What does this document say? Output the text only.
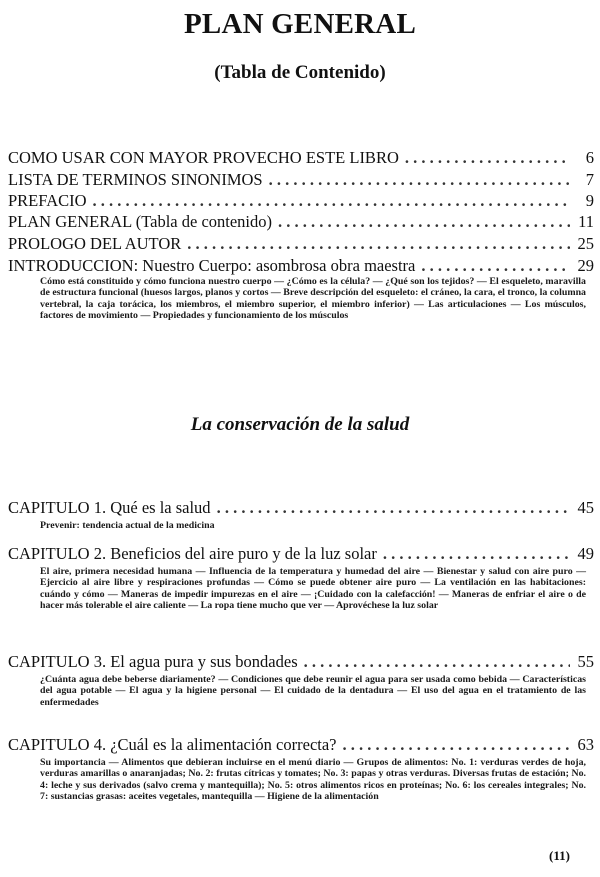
PLAN GENERAL
(Tabla de Contenido)
COMO USAR CON MAYOR PROVECHO ESTE LIBRO . . .	6
LISTA DE TERMINOS SINONIMOS . . .	7
PREFACIO . . .	9
PLAN GENERAL (Tabla de contenido) . . .	11
PROLOGO DEL AUTOR . . .	25
INTRODUCCION: Nuestro Cuerpo: asombrosa obra maestra . . .	29
Cómo está constituido y cómo funciona nuestro cuerpo — ¿Cómo es la célula? — ¿Qué son los tejidos? — El esqueleto, maravilla de estructura funcional (huesos largos, planos y cortos — Breve descripción del esqueleto: el cráneo, la cara, el tronco, la columna vertebral, la caja torácica, los miembros, el miembro superior, el miembro inferior) — Las articulaciones — Los músculos, factores de movimiento — Propiedades y funcionamiento de los músculos
La conservación de la salud
CAPITULO 1. Qué es la salud . . .	45
Prevenir: tendencia actual de la medicina
CAPITULO 2. Beneficios del aire puro y de la luz solar . . .	49
El aire, primera necesidad humana — Influencia de la temperatura y humedad del aire — Bienestar y salud con aire puro — Ejercicio al aire libre y respiraciones profundas — Cómo se puede obtener aire puro — La ventilación en las habitaciones: cuándo y cómo — Maneras de impedir impurezas en el aire — ¡Cuidado con la calefacción! — Maneras de enfriar el aire o de hacer más tolerable el aire caliente — La ropa tiene mucho que ver — Aprovéchese la luz solar
CAPITULO 3. El agua pura y sus bondades . . .	55
¿Cuánta agua debe beberse diariamente? — Condiciones que debe reunir el agua para ser usada como bebida — Características del agua potable — El agua y la higiene personal — El cuidado de la dentadura — El uso del agua en el tratamiento de las enfermedades
CAPITULO 4. ¿Cuál es la alimentación correcta? . . .	63
Su importancia — Alimentos que debieran incluirse en el menú diario — Grupos de alimentos: No. 1: verduras verdes de hoja, verduras amarillas o anaranjadas; No. 2: frutas cítricas y tomates; No. 3: papas y otras verduras. Diversas frutas de estación; No. 4: leche y sus derivados (salvo crema y mantequilla); No. 5: otros alimentos ricos en proteínas; No. 6: los cereales integrales; No. 7: sustancias grasas: aceites vegetales, mantequilla — Higiene de la alimentación
(11)
